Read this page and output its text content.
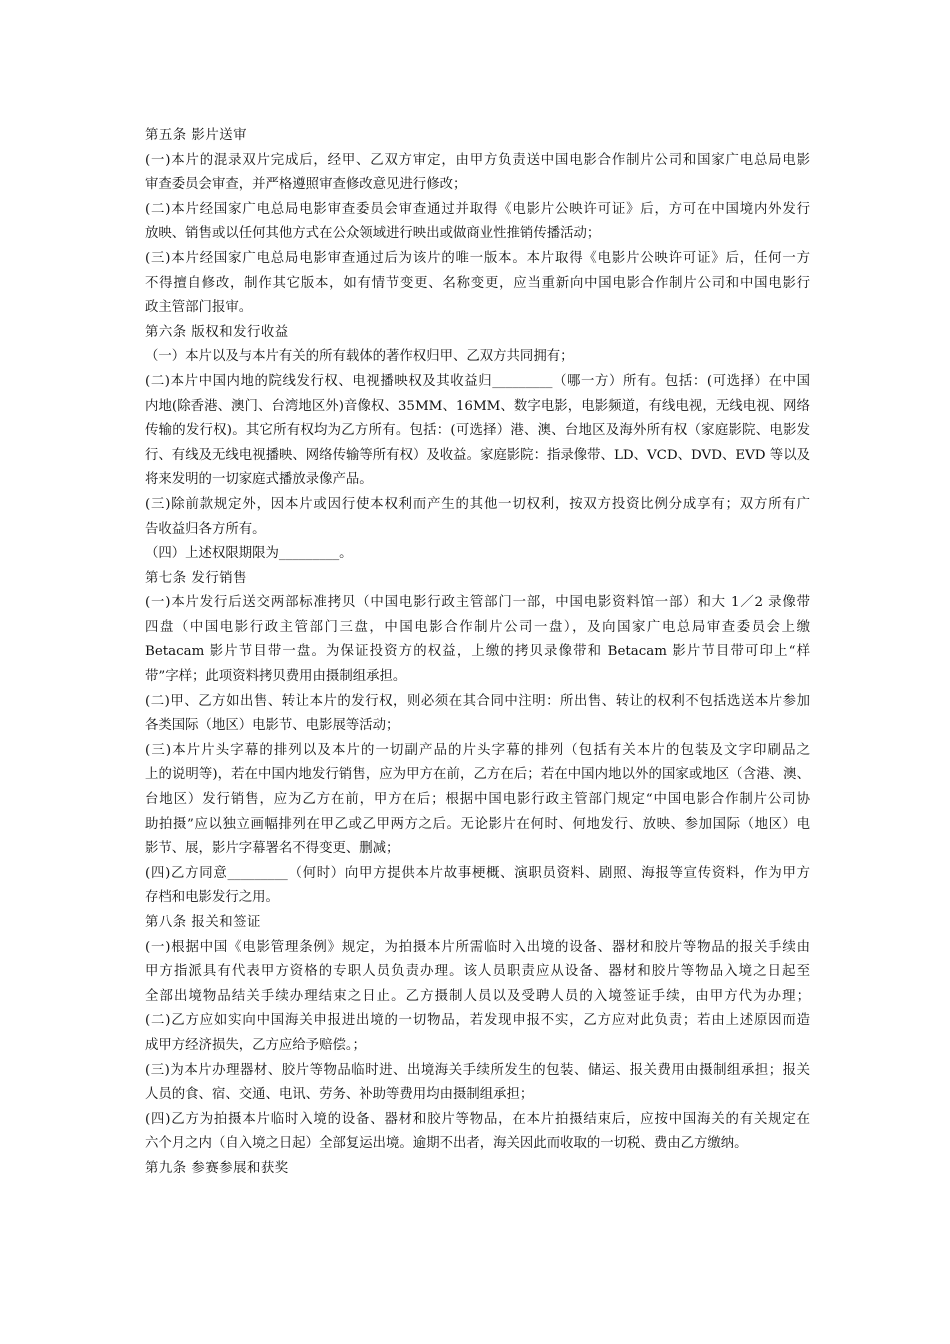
第五条 影片送审
(一)本片的混录双片完成后，经甲、乙双方审定，由甲方负责送中国电影合作制片公司和国家广电总局电影
审查委员会审查，并严格遵照审查修改意见进行修改；
(二)本片经国家广电总局电影审查委员会审查通过并取得《电影片公映许可证》后，方可在中国境内外发行
放映、销售或以任何其他方式在公众领域进行映出或做商业性推销传播活动；
(三)本片经国家广电总局电影审查通过后为该片的唯一版本。本片取得《电影片公映许可证》后，任何一方
不得擅自修改，制作其它版本，如有情节变更、名称变更，应当重新向中国电影合作制片公司和中国电影行
政主管部门报审。
第六条 版权和发行收益
（一）本片以及与本片有关的所有载体的著作权归甲、乙双方共同拥有；
(二)本片中国内地的院线发行权、电视播映权及其收益归_________（哪一方）所有。包括：(可选择）在中国
内地(除香港、澳门、台湾地区外)音像权、35MM、16MM、数字电影，电影频道，有线电视，无线电视、网络
传输的发行权)。其它所有权均为乙方所有。包括：(可选择）港、澳、台地区及海外所有权（家庭影院、电影发
行、有线及无线电视播映、网络传输等所有权）及收益。家庭影院：指录像带、LD、VCD、DVD、EVD 等以及
将来发明的一切家庭式播放录像产品。
(三)除前款规定外，因本片或因行使本权利而产生的其他一切权利，按双方投资比例分成享有；双方所有广
告收益归各方所有。
（四）上述权限期限为_________。
第七条 发行销售
(一)本片发行后送交两部标准拷贝（中国电影行政主管部门一部，中国电影资料馆一部）和大 1／2 录像带
四盘（中国电影行政主管部门三盘，中国电影合作制片公司一盘），及向国家广电总局审查委员会上缴
Betacam 影片节目带一盘。为保证投资方的权益，上缴的拷贝录像带和 Betacam 影片节目带可印上“样
带”字样；此项资料拷贝费用由摄制组承担。
(二)甲、乙方如出售、转让本片的发行权，则必须在其合同中注明：所出售、转让的权利不包括选送本片参加
各类国际（地区）电影节、电影展等活动；
(三)本片片头字幕的排列以及本片的一切副产品的片头字幕的排列（包括有关本片的包装及文字印刷品之
上的说明等)，若在中国内地发行销售，应为甲方在前，乙方在后；若在中国内地以外的国家或地区（含港、澳、
台地区）发行销售，应为乙方在前，甲方在后；根据中国电影行政主管部门规定“中国电影合作制片公司协
助拍摄”应以独立画幅排列在甲乙或乙甲两方之后。无论影片在何时、何地发行、放映、参加国际（地区）电
影节、展，影片字幕署名不得变更、删减；
(四)乙方同意_________（何时）向甲方提供本片故事梗概、演职员资料、剧照、海报等宣传资料，作为甲方
存档和电影发行之用。
第八条 报关和签证
(一)根据中国《电影管理条例》规定，为拍摄本片所需临时入出境的设备、器材和胶片等物品的报关手续由
甲方指派具有代表甲方资格的专职人员负责办理。该人员职责应从设备、器材和胶片等物品入境之日起至
全部出境物品结关手续办理结束之日止。乙方摄制人员以及受聘人员的入境签证手续，由甲方代为办理；
(二)乙方应如实向中国海关申报进出境的一切物品，若发现申报不实，乙方应对此负责；若由上述原因而造
成甲方经济损失，乙方应给予赔偿。；
(三)为本片办理器材、胶片等物品临时进、出境海关手续所发生的包装、储运、报关费用由摄制组承担；报关
人员的食、宿、交通、电讯、劳务、补助等费用均由摄制组承担；
(四)乙方为拍摄本片临时入境的设备、器材和胶片等物品，在本片拍摄结束后，应按中国海关的有关规定在
六个月之内（自入境之日起）全部复运出境。逾期不出者，海关因此而收取的一切税、费由乙方缴纳。
第九条 参赛参展和获奖
